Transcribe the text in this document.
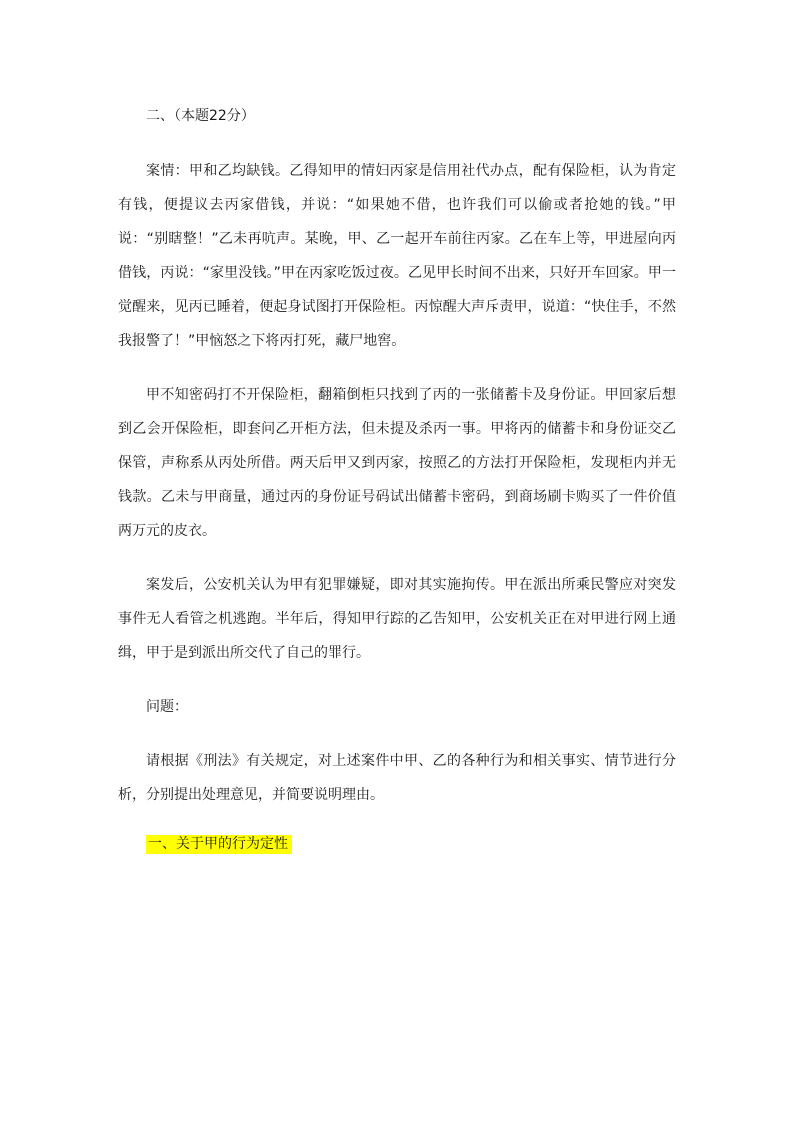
二、（本题22分）

案情：甲和乙均缺钱。乙得知甲的情妇丙家是信用社代办点，配有保险柜，认为肯定有钱，便提议去丙家借钱，并说：“如果她不借，也许我们可以偷或者抢她的钱。”甲说：“别瞎整！”乙未再吭声。某晚，甲、乙一起开车前往丙家。乙在车上等，甲进屋向丙借钱，丙说：“家里没钱。”甲在丙家吃饭过夜。乙见甲长时间不出来，只好开车回家。甲一觉醒来，见丙已睡着，便起身试图打开保险柜。丙惊醒大声斥责甲，说道：“快住手，不然我报警了！”甲恼怒之下将丙打死，藏尸地窖。

甲不知密码打不开保险柜，翻箱倒柜只找到了丙的一张储蓄卡及身份证。甲回家后想到乙会开保险柜，即套问乙开柜方法，但未提及杀丙一事。甲将丙的储蓄卡和身份证交乙保管，声称系从丙处所借。两天后甲又到丙家，按照乙的方法打开保险柜，发现柜内并无钱款。乙未与甲商量，通过丙的身份证号码试出储蓄卡密码，到商场刷卡购买了一件价值两万元的皮衣。

案发后，公安机关认为甲有犯罪嫌疑，即对其实施拘传。甲在派出所乘民警应对突发事件无人看管之机逃跑。半年后，得知甲行踪的乙告知甲，公安机关正在对甲进行网上通缉，甲于是到派出所交代了自己的罪行。

问题：

请根据《刑法》有关规定，对上述案件中甲、乙的各种行为和相关事实、情节进行分析，分别提出处理意见，并简要说明理由。

一、关于甲的行为定性
